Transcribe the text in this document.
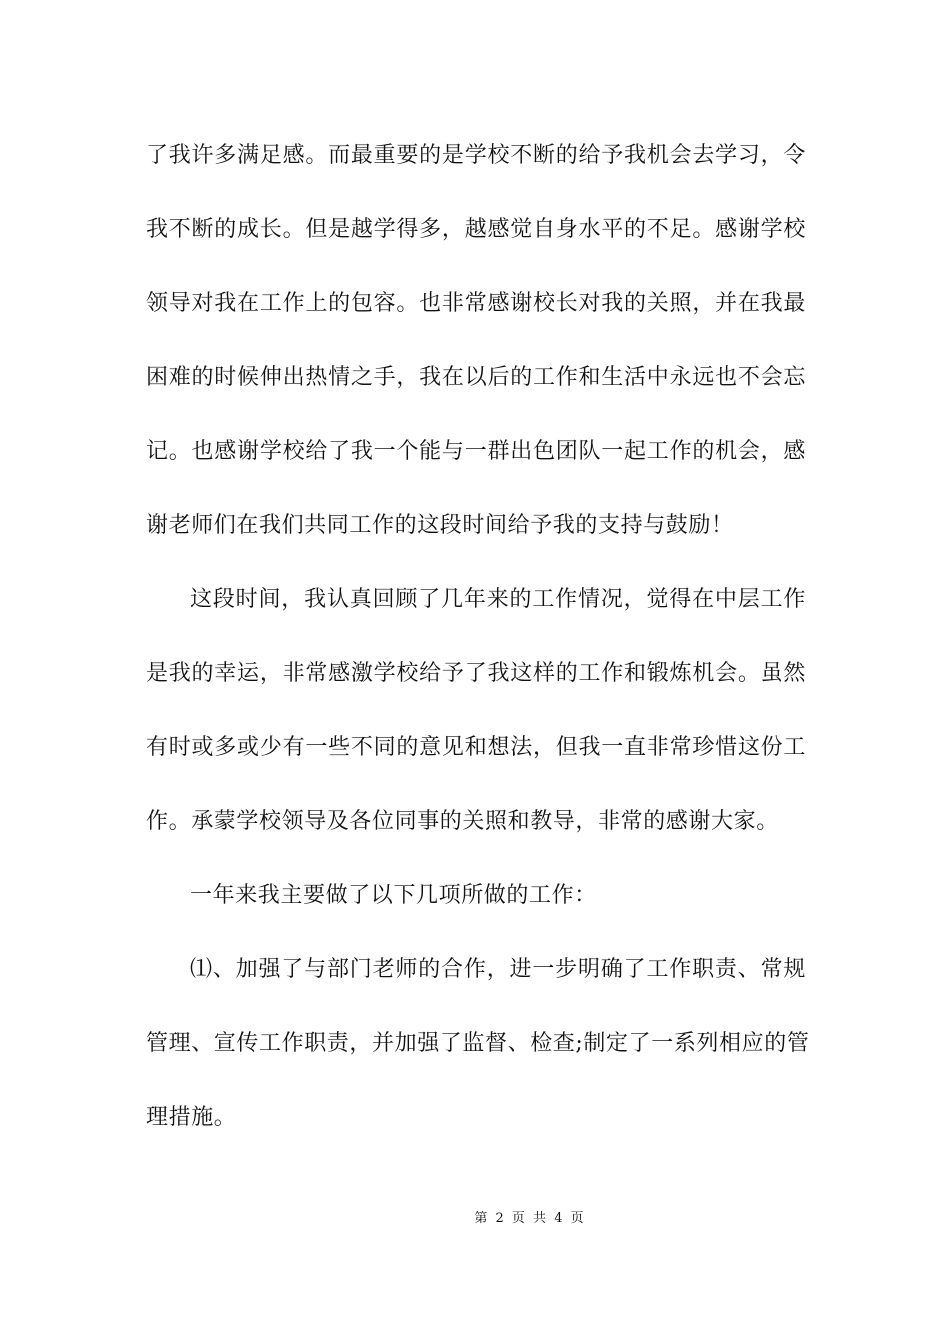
了我许多满足感。而最重要的是学校不断的给予我机会去学习，令
我不断的成长。但是越学得多，越感觉自身水平的不足。感谢学校
领导对我在工作上的包容。也非常感谢校长对我的关照，并在我最
困难的时候伸出热情之手，我在以后的工作和生活中永远也不会忘
记。也感谢学校给了我一个能与一群出色团队一起工作的机会，感
谢老师们在我们共同工作的这段时间给予我的支持与鼓励！
这段时间，我认真回顾了几年来的工作情况，觉得在中层工作
是我的幸运，非常感激学校给予了我这样的工作和锻炼机会。虽然
有时或多或少有一些不同的意见和想法，但我一直非常珍惜这份工
作。承蒙学校领导及各位同事的关照和教导，非常的感谢大家。
一年来我主要做了以下几项所做的工作：
⑴、加强了与部门老师的合作，进一步明确了工作职责、常规
管理、宣传工作职责，并加强了监督、检查;制定了一系列相应的管
理措施。
第 2 页 共 4 页
